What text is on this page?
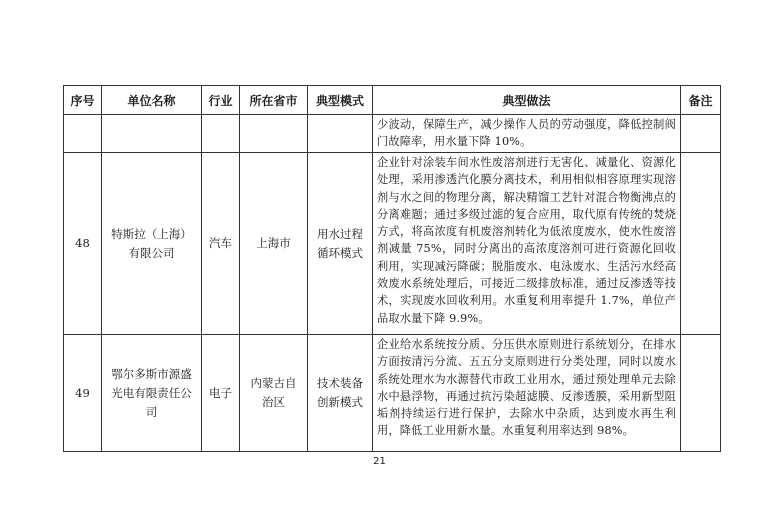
序号	单位名称	行业	所在省市	典型模式	典型做法	备注
					少波动，保障生产，减少操作人员的劳动强度，降低控制阀门故障率，用水量下降 10%。	
48	特斯拉（上海）有限公司	汽车	上海市	用水过程循环模式	企业针对涂装车间水性废溶剂进行无害化、减量化、资源化处理，采用渗透汽化膜分离技术，利用相似相容原理实现溶剂与水之间的物理分离，解决精馏工艺针对混合物衡沸点的分离难题；通过多级过滤的复合应用，取代原有传统的焚烧方式，将高浓度有机废溶剂转化为低浓度废水，使水性废溶剂减量 75%，同时分离出的高浓度溶剂可进行资源化回收利用，实现减污降碳；脱脂废水、电泳废水、生活污水经高效废水系统处理后，可接近二级排放标准，通过反渗透等技术，实现废水回收利用。水重复利用率提升 1.7%，单位产品取水量下降 9.9%。	
49	鄂尔多斯市源盛光电有限责任公司	电子	内蒙古自治区	技术装备创新模式	企业给水系统按分质、分压供水原则进行系统划分，在排水方面按清污分流、五五分支原则进行分类处理，同时以废水系统处理水为水源替代市政工业用水，通过预处理单元去除水中悬浮物，再通过抗污染超滤膜、反渗透膜，采用新型阻垢剂持续运行进行保护，去除水中杂质，达到废水再生利用，降低工业用新水量。水重复利用率达到 98%。	
21
